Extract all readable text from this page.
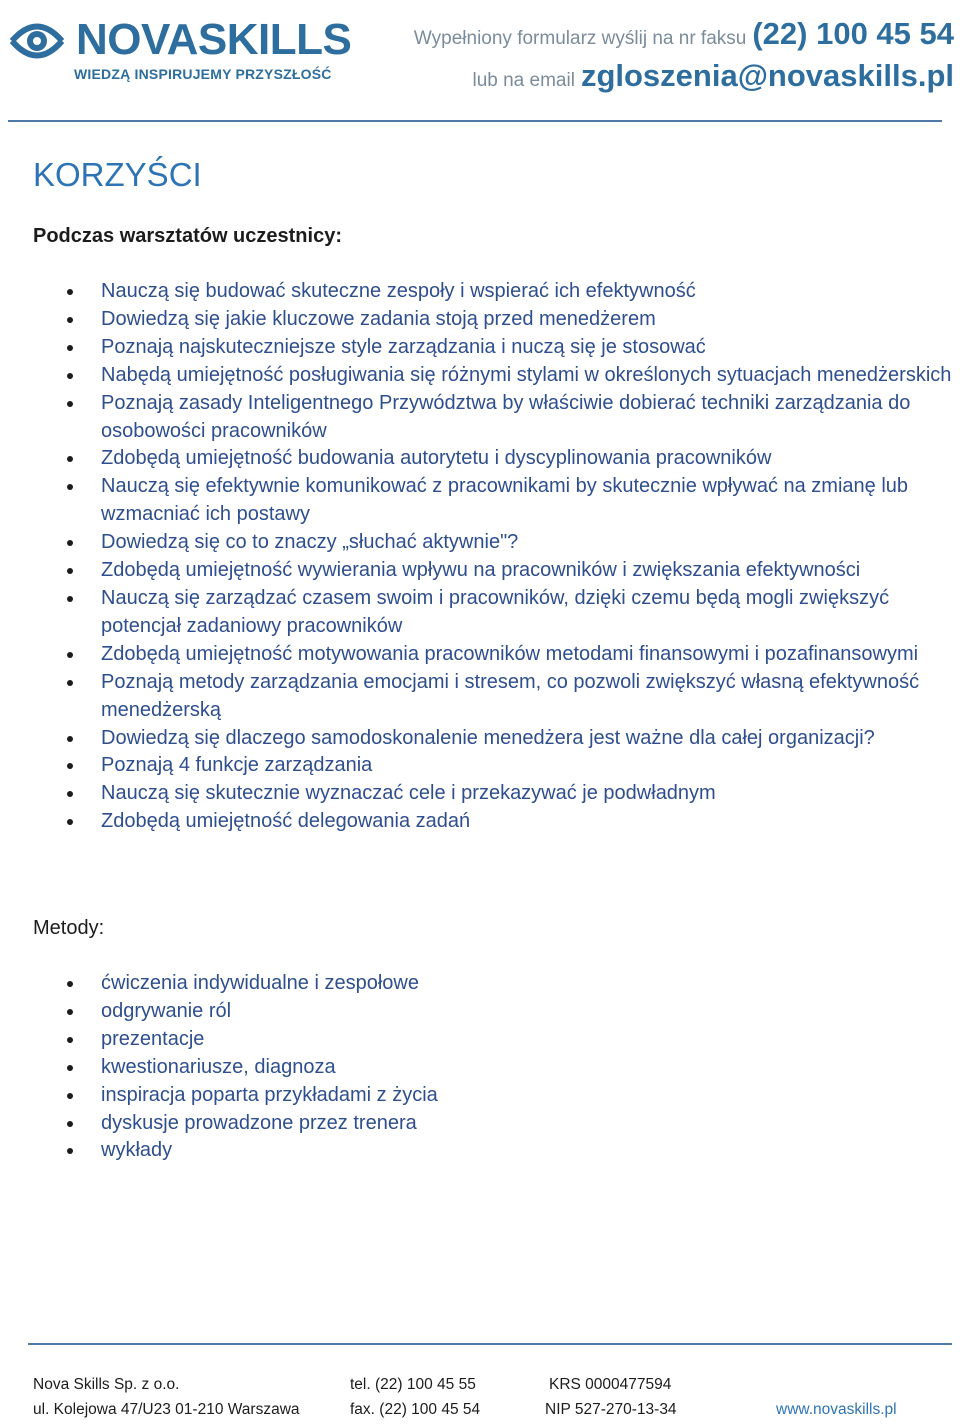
NOVASKILLS
WIEDZĄ INSPIRUJEMY PRZYSZŁOŚĆ
Wypełniony formularz wyślij na nr faksu (22) 100 45 54
lub na email zgloszenia@novaskills.pl
KORZYŚCI
Podczas warsztatów uczestnicy:
Nauczą się budować skuteczne zespoły i wspierać ich efektywność
Dowiedzą się jakie kluczowe zadania stoją przed menedżerem
Poznają najskuteczniejsze style zarządzania i nuczą się je stosować
Nabędą umiejętność posługiwania się różnymi stylami w określonych sytuacjach menedżerskich
Poznają zasady Inteligentnego Przywództwa by właściwie dobierać techniki zarządzania do osobowości pracowników
Zdobędą umiejętność budowania autorytetu i dyscyplinowania pracowników
Nauczą się efektywnie komunikować z pracownikami by skutecznie wpływać na zmianę lub wzmacniać ich postawy
Dowiedzą się co to znaczy „słuchać aktywnie"?
Zdobędą umiejętność wywierania wpływu na pracowników i zwiększania efektywności
Nauczą się zarządzać czasem swoim i pracowników, dzięki czemu będą mogli zwiększyć potencjał zadaniowy pracowników
Zdobędą umiejętność motywowania pracowników metodami finansowymi i pozafinansowymi
Poznają metody zarządzania emocjami i stresem, co pozwoli zwiększyć własną efektywność menedżerską
Dowiedzą się dlaczego samodoskonalenie menedżera jest ważne dla całej organizacji?
Poznają 4 funkcje zarządzania
Nauczą się skutecznie wyznaczać cele i przekazywać je podwładnym
Zdobędą umiejętność delegowania zadań
Metody:
ćwiczenia indywidualne i zespołowe
odgrywanie ról
prezentacje
kwestionariusze, diagnoza
inspiracja poparta przykładami z życia
dyskusje prowadzone przez trenera
wykłady
Nova Skills Sp. z o.o.
ul. Kolejowa 47/U23 01-210 Warszawa
tel. (22) 100 45 55
fax. (22) 100 45 54
KRS 0000477594
NIP 527-270-13-34	www.novaskills.pl
